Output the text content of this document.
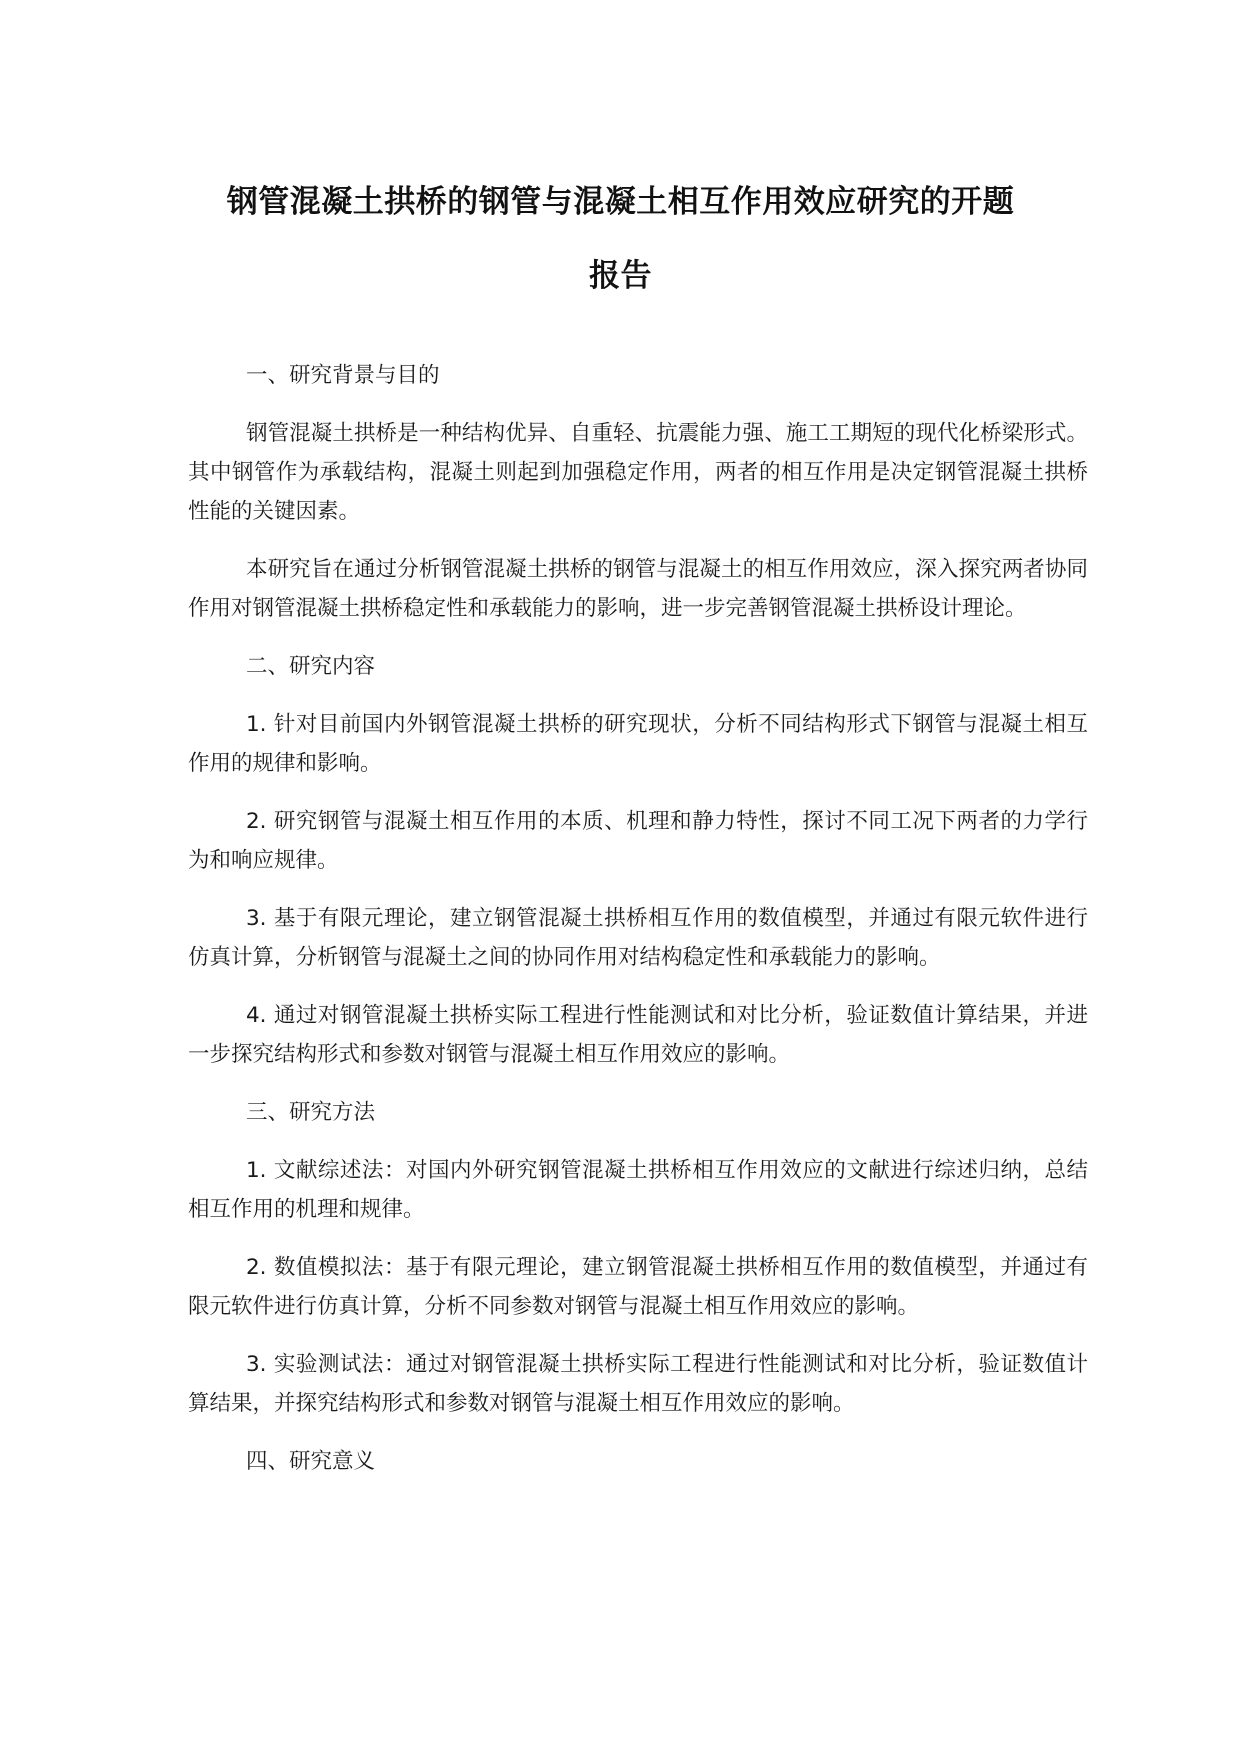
钢管混凝土拱桥的钢管与混凝土相互作用效应研究的开题
报告

一、研究背景与目的

钢管混凝土拱桥是一种结构优异、自重轻、抗震能力强、施工工期短的现代化桥梁形式。其中钢管作为承载结构，混凝土则起到加强稳定作用，两者的相互作用是决定钢管混凝土拱桥性能的关键因素。

本研究旨在通过分析钢管混凝土拱桥的钢管与混凝土的相互作用效应，深入探究两者协同作用对钢管混凝土拱桥稳定性和承载能力的影响，进一步完善钢管混凝土拱桥设计理论。

二、研究内容

1. 针对目前国内外钢管混凝土拱桥的研究现状，分析不同结构形式下钢管与混凝土相互作用的规律和影响。

2. 研究钢管与混凝土相互作用的本质、机理和静力特性，探讨不同工况下两者的力学行为和响应规律。

3. 基于有限元理论，建立钢管混凝土拱桥相互作用的数值模型，并通过有限元软件进行仿真计算，分析钢管与混凝土之间的协同作用对结构稳定性和承载能力的影响。

4. 通过对钢管混凝土拱桥实际工程进行性能测试和对比分析，验证数值计算结果，并进一步探究结构形式和参数对钢管与混凝土相互作用效应的影响。

三、研究方法

1. 文献综述法：对国内外研究钢管混凝土拱桥相互作用效应的文献进行综述归纳，总结相互作用的机理和规律。

2. 数值模拟法：基于有限元理论，建立钢管混凝土拱桥相互作用的数值模型，并通过有限元软件进行仿真计算，分析不同参数对钢管与混凝土相互作用效应的影响。

3. 实验测试法：通过对钢管混凝土拱桥实际工程进行性能测试和对比分析，验证数值计算结果，并探究结构形式和参数对钢管与混凝土相互作用效应的影响。

四、研究意义
